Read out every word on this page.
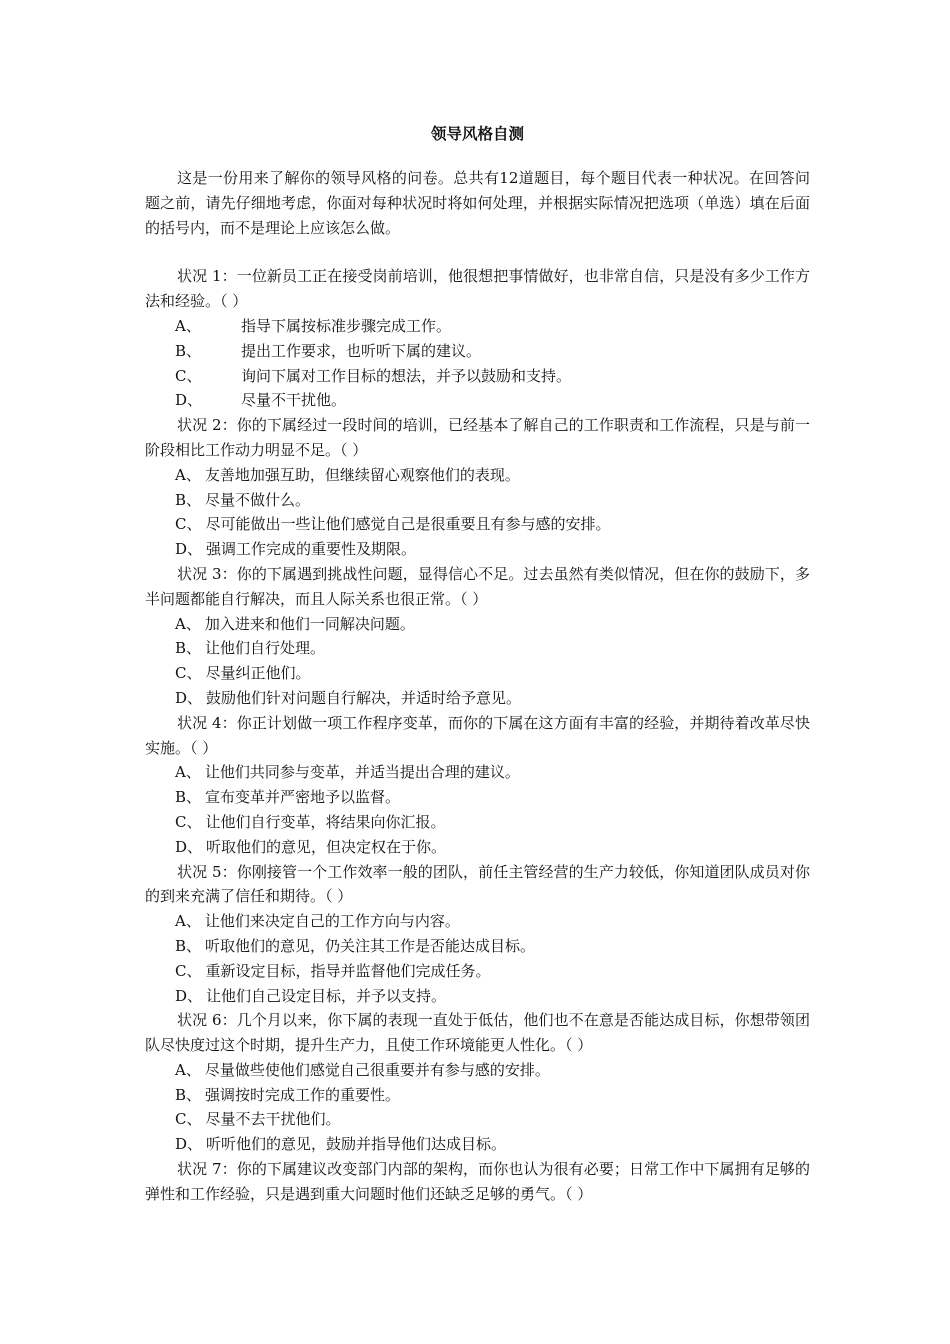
领导风格自测

这是一份用来了解你的领导风格的问卷。总共有12道题目，每个题目代表一种状况。在回答问题之前，请先仔细地考虑，你面对每种状况时将如何处理，并根据实际情况把选项（单选）填在后面的括号内，而不是理论上应该怎么做。

状况 1：一位新员工正在接受岗前培训，他很想把事情做好，也非常自信，只是没有多少工作方法和经验。（ ）

A、	指导下属按标准步骤完成工作。

B、	提出工作要求，也听听下属的建议。

C、	询问下属对工作目标的想法，并予以鼓励和支持。

D、	尽量不干扰他。

状况 2：你的下属经过一段时间的培训，已经基本了解自己的工作职责和工作流程，只是与前一阶段相比工作动力明显不足。（ ）

A、 友善地加强互助，但继续留心观察他们的表现。

B、 尽量不做什么。

C、 尽可能做出一些让他们感觉自己是很重要且有参与感的安排。

D、 强调工作完成的重要性及期限。

状况 3：你的下属遇到挑战性问题，显得信心不足。过去虽然有类似情况，但在你的鼓励下，多半问题都能自行解决，而且人际关系也很正常。（ ）

A、 加入进来和他们一同解决问题。

B、 让他们自行处理。

C、 尽量纠正他们。

D、 鼓励他们针对问题自行解决，并适时给予意见。

状况 4：你正计划做一项工作程序变革，而你的下属在这方面有丰富的经验，并期待着改革尽快实施。（ ）

A、 让他们共同参与变革，并适当提出合理的建议。

B、 宣布变革并严密地予以监督。

C、 让他们自行变革，将结果向你汇报。

D、 听取他们的意见，但决定权在于你。

状况 5：你刚接管一个工作效率一般的团队，前任主管经营的生产力较低，你知道团队成员对你的到来充满了信任和期待。（ ）

A、 让他们来决定自己的工作方向与内容。

B、 听取他们的意见，仍关注其工作是否能达成目标。

C、 重新设定目标，指导并监督他们完成任务。

D、 让他们自己设定目标，并予以支持。

状况 6：几个月以来，你下属的表现一直处于低估，他们也不在意是否能达成目标，你想带领团队尽快度过这个时期，提升生产力，且使工作环境能更人性化。（ ）

A、 尽量做些使他们感觉自己很重要并有参与感的安排。

B、 强调按时完成工作的重要性。

C、 尽量不去干扰他们。

D、 听听他们的意见，鼓励并指导他们达成目标。

状况 7：你的下属建议改变部门内部的架构，而你也认为很有必要；日常工作中下属拥有足够的弹性和工作经验，只是遇到重大问题时他们还缺乏足够的勇气。（ ）
